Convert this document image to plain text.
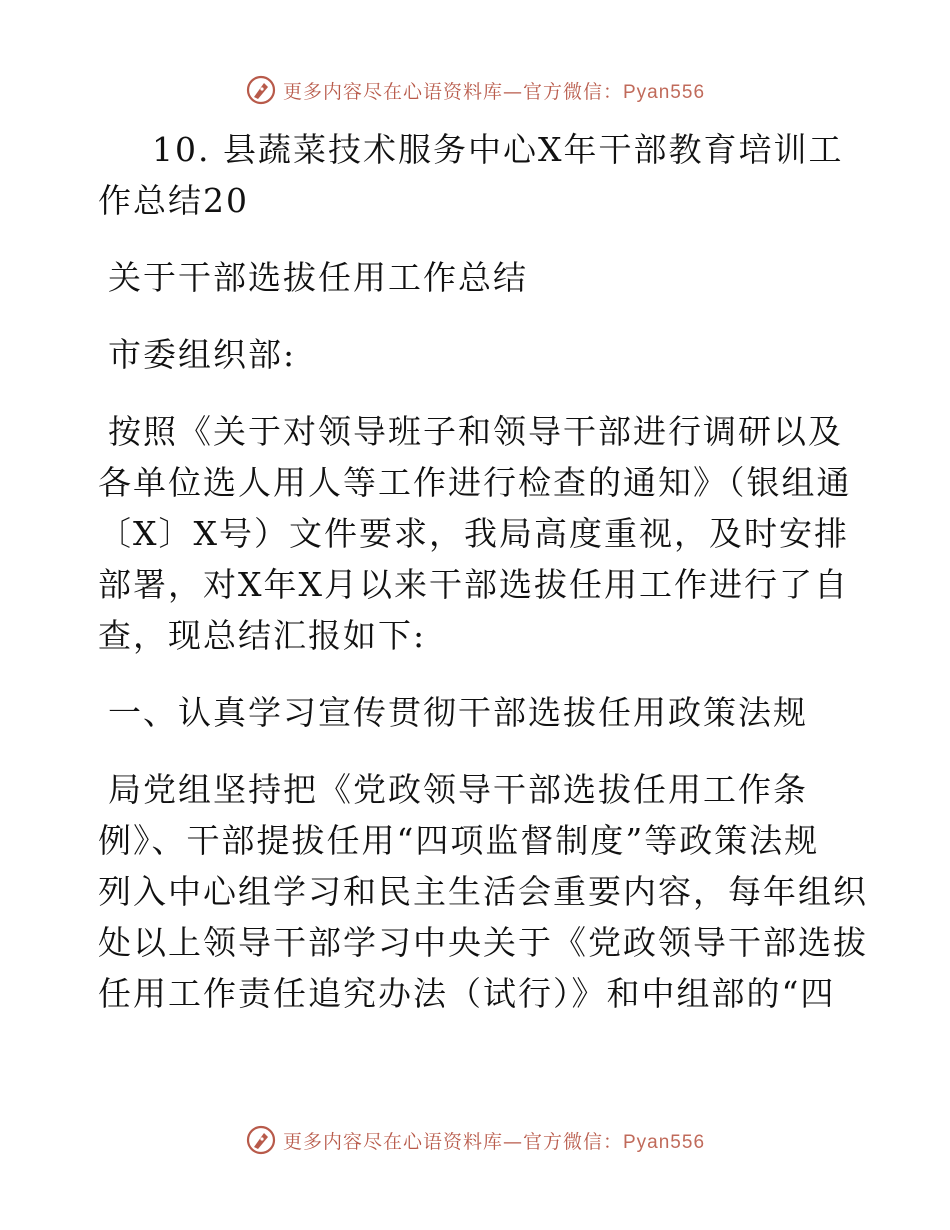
更多内容尽在心语资料库—官方微信：Pyan556
10. 县蔬菜技术服务中心X年干部教育培训工
作总结20
关于干部选拔任用工作总结
市委组织部:
按照《关于对领导班子和领导干部进行调研以及
各单位选人用人等工作进行检查的通知》（银组通
〔X〕X号）文件要求，我局高度重视，及时安排
部署，对X年X月以来干部选拔任用工作进行了自
查，现总结汇报如下:
一、认真学习宣传贯彻干部选拔任用政策法规
局党组坚持把《党政领导干部选拔任用工作条
例》、干部提拔任用“四项监督制度”等政策法规
列入中心组学习和民主生活会重要内容，每年组织
处以上领导干部学习中央关于《党政领导干部选拔
任用工作责任追究办法（试行）》和中组部的“四
更多内容尽在心语资料库—官方微信：Pyan556
